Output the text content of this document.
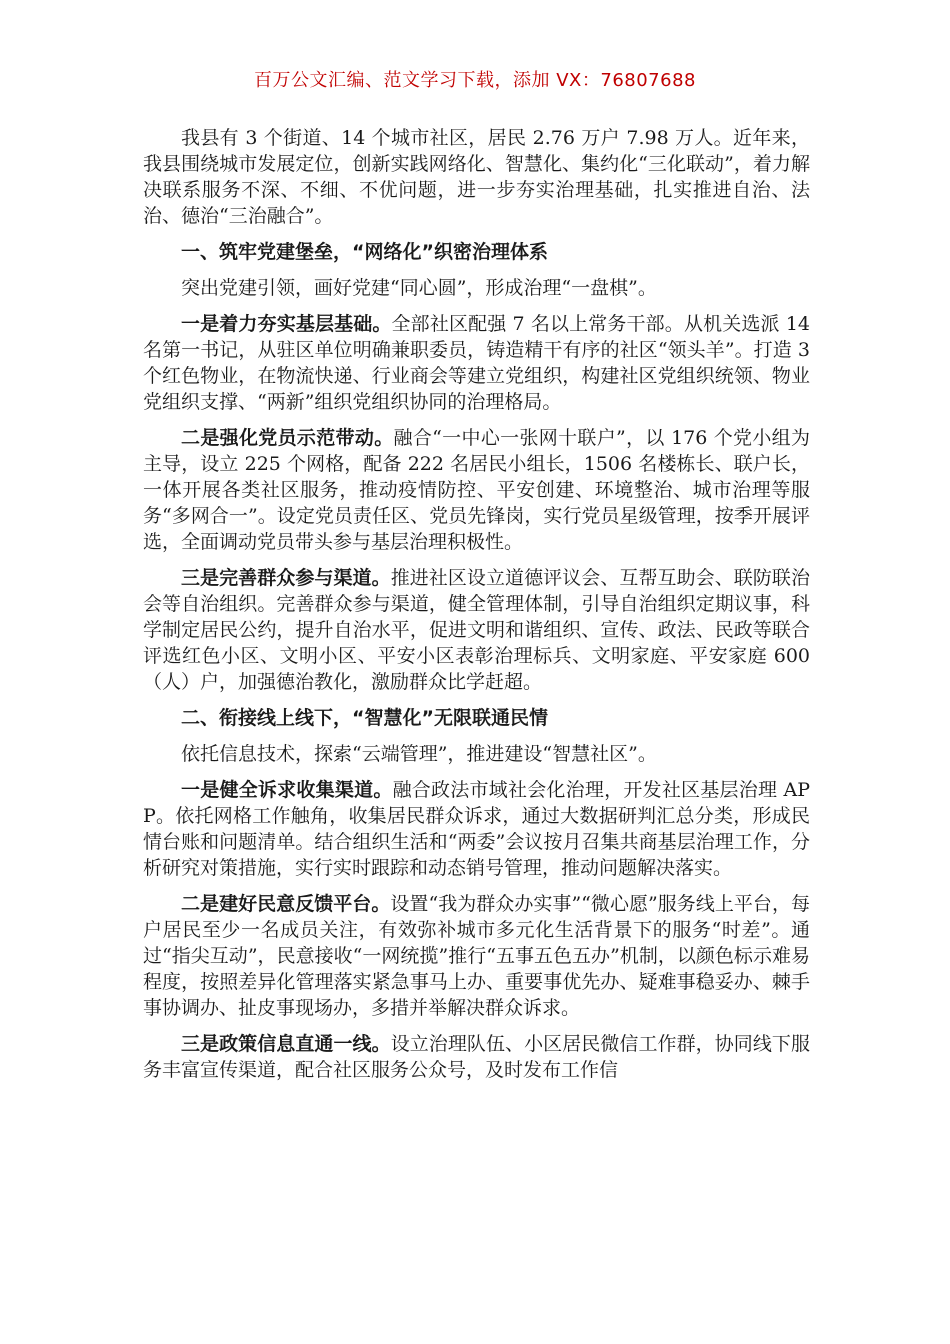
百万公文汇编、范文学习下载，添加 VX：76807688

我县有 3 个街道、14 个城市社区，居民 2.76 万户 7.98 万人。近年来，我县围绕城市发展定位，创新实践网络化、智慧化、集约化“三化联动”，着力解决联系服务不深、不细、不优问题，进一步夯实治理基础，扎实推进自治、法治、德治“三治融合”。

一、筑牢党建堡垒，“网络化”织密治理体系

突出党建引领，画好党建“同心圆”，形成治理“一盘棋”。

一是着力夯实基层基础。全部社区配强 7 名以上常务干部。从机关选派 14 名第一书记，从驻区单位明确兼职委员，铸造精干有序的社区“领头羊”。打造 3 个红色物业，在物流快递、行业商会等建立党组织，构建社区党组织统领、物业党组织支撑、“两新”组织党组织协同的治理格局。

二是强化党员示范带动。融合“一中心一张网十联户”，以 176 个党小组为主导，设立 225 个网格，配备 222 名居民小组长，1506 名楼栋长、联户长，一体开展各类社区服务，推动疫情防控、平安创建、环境整治、城市治理等服务“多网合一”。设定党员责任区、党员先锋岗，实行党员星级管理，按季开展评选，全面调动党员带头参与基层治理积极性。

三是完善群众参与渠道。推进社区设立道德评议会、互帮互助会、联防联治会等自治组织。完善群众参与渠道，健全管理体制，引导自治组织定期议事，科学制定居民公约，提升自治水平，促进文明和谐组织、宣传、政法、民政等联合评选红色小区、文明小区、平安小区表彰治理标兵、文明家庭、平安家庭 600（人）户，加强德治教化，激励群众比学赶超。

二、衔接线上线下，“智慧化”无限联通民情

依托信息技术，探索“云端管理”，推进建设“智慧社区”。

一是健全诉求收集渠道。融合政法市域社会化治理，开发社区基层治理 APP。依托网格工作触角，收集居民群众诉求，通过大数据研判汇总分类，形成民情台账和问题清单。结合组织生活和“两委”会议按月召集共商基层治理工作，分析研究对策措施，实行实时跟踪和动态销号管理，推动问题解决落实。

二是建好民意反馈平台。设置“我为群众办实事”“微心愿”服务线上平台，每户居民至少一名成员关注，有效弥补城市多元化生活背景下的服务“时差”。通过“指尖互动”，民意接收“一网统揽”推行“五事五色五办”机制，以颜色标示难易程度，按照差异化管理落实紧急事马上办、重要事优先办、疑难事稳妥办、棘手事协调办、扯皮事现场办，多措并举解决群众诉求。

三是政策信息直通一线。设立治理队伍、小区居民微信工作群，协同线下服务丰富宣传渠道，配合社区服务公众号，及时发布工作信
